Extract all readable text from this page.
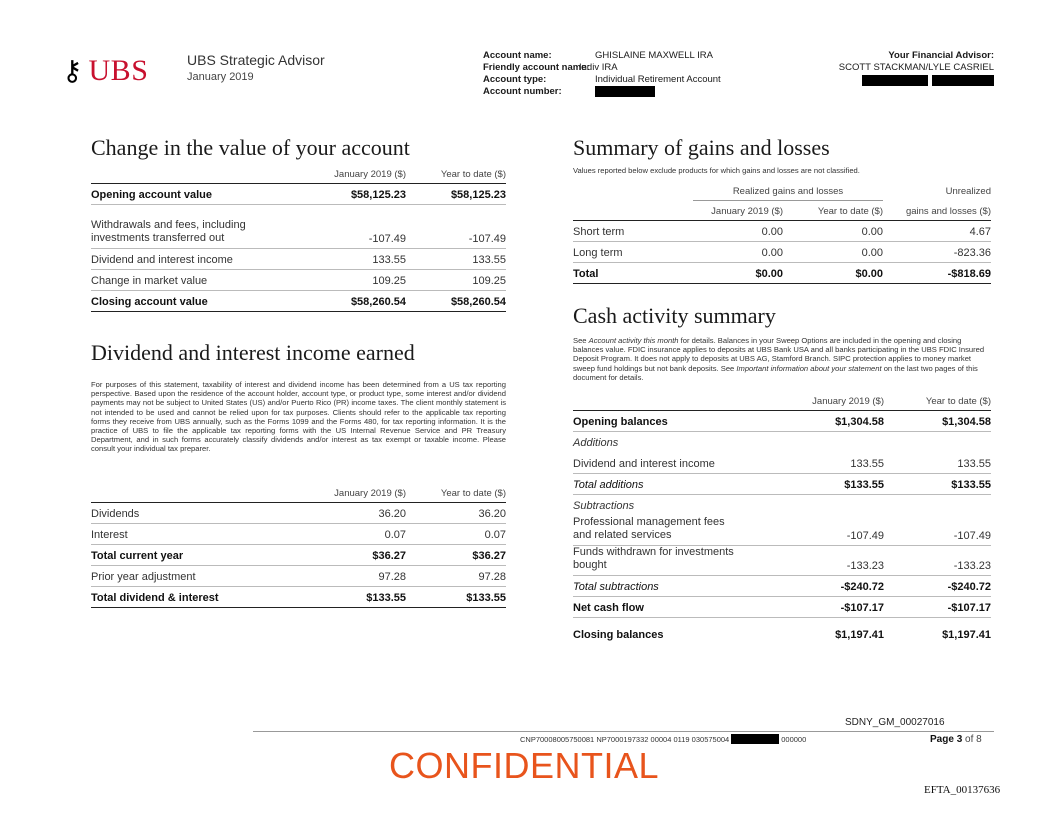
⚷ UBS	UBS Strategic Advisor
January 2019
Account name:	GHISLAINE MAXWELL IRA
Friendly account name:
Indiv IRA
Account type:	Individual Retirement Account
Account number:
Your Financial Advisor:
SCOTT STACKMAN/LYLE CASRIEL
Change in the value of your account
	January 2019 ($)	Year to date ($)
Opening account value	$58,125.23	$58,125.23
Withdrawals and fees, including investments transferred out	-107.49	-107.49
Dividend and interest income	133.55	133.55
Change in market value	109.25	109.25
Closing account value	$58,260.54	$58,260.54
Dividend and interest income earned
For purposes of this statement, taxability of interest and dividend income has been determined from a US tax reporting perspective. Based upon the residence of the account holder, account type, or product type, some interest and/or dividend payments may not be subject to United States (US) and/or Puerto Rico (PR) income taxes. The client monthly statement is not intended to be used and cannot be relied upon for tax purposes. Clients should refer to the applicable tax reporting forms they receive from UBS annually, such as the Forms 1099 and the Forms 480, for tax reporting information. It is the practice of UBS to file the applicable tax reporting forms with the US Internal Revenue Service and PR Treasury Department, and in such forms accurately classify dividends and/or interest as tax exempt or taxable income. Please consult your individual tax preparer.
	January 2019 ($)	Year to date ($)
Dividends	36.20	36.20
Interest	0.07	0.07
Total current year	$36.27	$36.27
Prior year adjustment	97.28	97.28
Total dividend & interest	$133.55	$133.55
Summary of gains and losses
Values reported below exclude products for which gains and losses are not classified.
	Realized gains and losses		Unrealized
	January 2019 ($)	Year to date ($)	gains and losses ($)
Short term	0.00	0.00	4.67
Long term	0.00	0.00	-823.36
Total	$0.00	$0.00	-$818.69
Cash activity summary
See Account activity this month for details. Balances in your Sweep Options are included in the opening and closing balances value. FDIC insurance applies to deposits at UBS Bank USA and all banks participating in the UBS FDIC Insured Deposit Program. It does not apply to deposits at UBS AG, Stamford Branch. SIPC protection applies to money market sweep fund holdings but not bank deposits. See Important information about your statement on the last two pages of this document for details.
	January 2019 ($)	Year to date ($)
Opening balances	$1,304.58	$1,304.58
Additions		
Dividend and interest income	133.55	133.55
Total additions	$133.55	$133.55
Subtractions		
Professional management fees and related services	-107.49	-107.49
Funds withdrawn for investments bought	-133.23	-133.23
Total subtractions	-$240.72	-$240.72
Net cash flow	-$107.17	-$107.17
Closing balances	$1,197.41	$1,197.41
SDNY_GM_00027016
CNP70008005750081 NP7000197332 00004 0119 030575004	000000	Page 3 of 8
CONFIDENTIAL
EFTA_00137636
